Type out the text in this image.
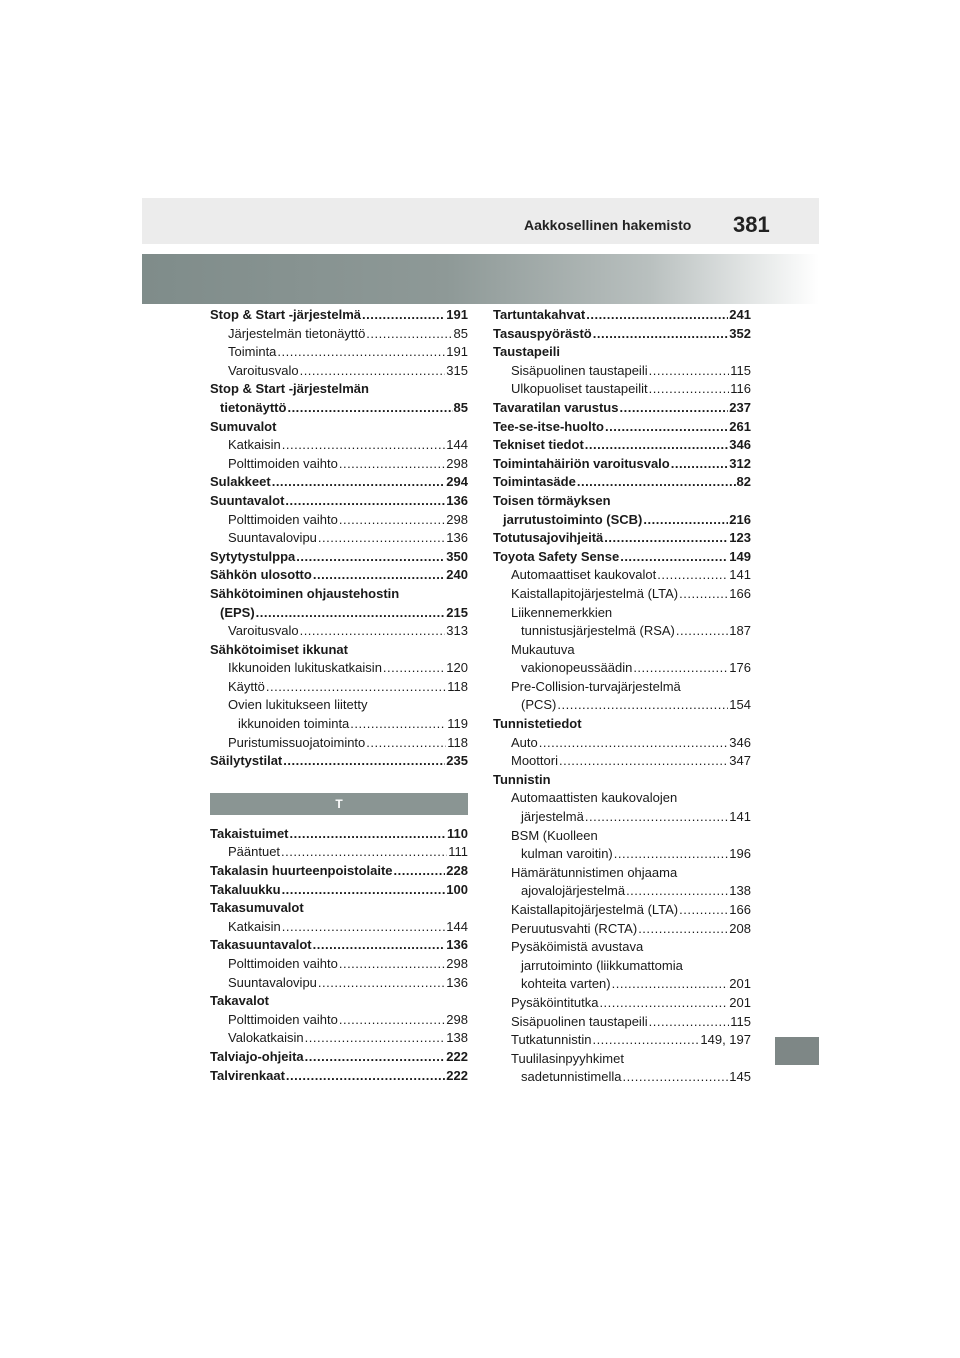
Aakkosellinen hakemisto 381
Stop & Start -järjestelmä .....	191
Järjestelmän tietonäyttö .....	85
Toiminta .....	191
Varoitusvalo .....	315
Stop & Start -järjestelmän
tietonäyttö .....	85
Sumuvalot
Katkaisin .....	144
Polttimoiden vaihto .....	298
Sulakkeet .....	294
Suuntavalot .....	136
Polttimoiden vaihto .....	298
Suuntavalovipu .....	136
Sytytystulppa .....	350
Sähkön ulosotto .....	240
Sähkötoiminen ohjaustehostin
(EPS) .....	215
Varoitusvalo .....	313
Sähkötoimiset ikkunat
Ikkunoiden lukituskatkaisin .....	120
Käyttö .....	118
Ovien lukitukseen liitetty
ikkunoiden toiminta .....	119
Puristumissuojatoiminto .....	118
Säilytystilat .....	235
T
Takaistuimet .....	110
Pääntuet .....	111
Takalasin huurteenpoistolaite .....	228
Takaluukku .....	100
Takasumuvalot
Katkaisin .....	144
Takasuuntavalot .....	136
Polttimoiden vaihto .....	298
Suuntavalovipu .....	136
Takavalot
Polttimoiden vaihto .....	298
Valokatkaisin .....	138
Talviajo-ohjeita .....	222
Talvirenkaat .....	222
Tartuntakahvat .....	241
Tasauspyörästö .....	352
Taustapeili
Sisäpuolinen taustapeili .....	115
Ulkopuoliset taustapeilit .....	116
Tavaratilan varustus .....	237
Tee-se-itse-huolto .....	261
Tekniset tiedot .....	346
Toimintahäiriön varoitusvalo .....	312
Toimintasäde .....	82
Toisen törmäyksen
jarrutustoiminto (SCB) .....	216
Totutusajovihjeitä .....	123
Toyota Safety Sense .....	149
Automaattiset kaukovalot .....	141
Kaistallapitojärjestelmä (LTA) .....	166
Liikennemerkkien
tunnistusjärjestelmä (RSA) .....	187
Mukautuva
vakionopeussäädin .....	176
Pre-Collision-turvajärjestelmä
(PCS) .....	154
Tunnistetiedot
Auto .....	346
Moottori .....	347
Tunnistin
Automaattisten kaukovalojen
järjestelmä .....	141
BSM (Kuolleen
kulman varoitin) .....	196
Hämärätunnistimen ohjaama
ajovalojärjestelmä .....	138
Kaistallapitojärjestelmä (LTA) .....	166
Peruutusvahti (RCTA) .....	208
Pysäköimistä avustava
jarrutoiminto (liikkumattomia
kohteita varten) .....	201
Pysäköintitutka .....	201
Sisäpuolinen taustapeili .....	115
Tutkatunnistin .....	149, 197
Tuulilasinpyyhkimet
sadetunnistimella .....	145
